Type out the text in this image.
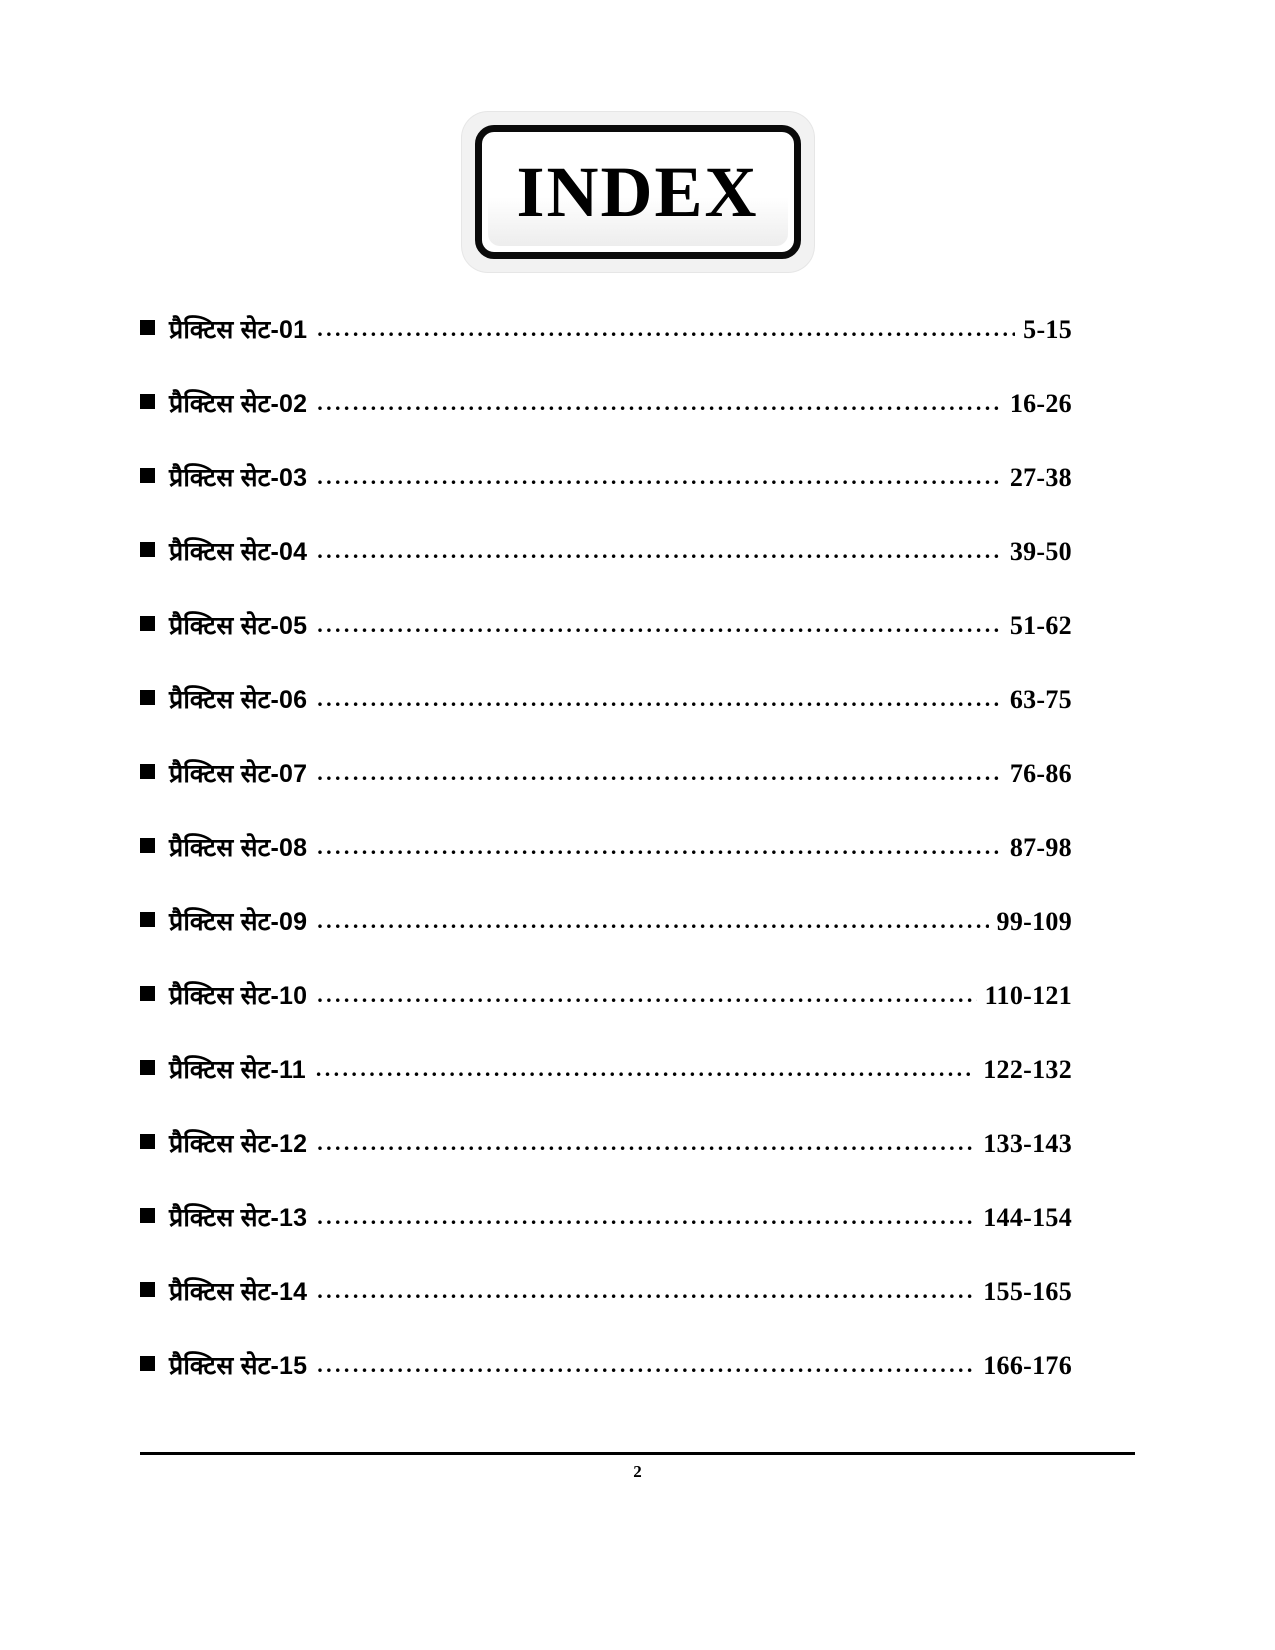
INDEX
प्रैक्टिस सेट-01 .....	5-15
प्रैक्टिस सेट-02 .....	16-26
प्रैक्टिस सेट-03 .....	27-38
प्रैक्टिस सेट-04 .....	39-50
प्रैक्टिस सेट-05 .....	51-62
प्रैक्टिस सेट-06 .....	63-75
प्रैक्टिस सेट-07 .....	76-86
प्रैक्टिस सेट-08 .....	87-98
प्रैक्टिस सेट-09 .....	99-109
प्रैक्टिस सेट-10 .....	110-121
प्रैक्टिस सेट-11 .....	122-132
प्रैक्टिस सेट-12 .....	133-143
प्रैक्टिस सेट-13 .....	144-154
प्रैक्टिस सेट-14 .....	155-165
प्रैक्टिस सेट-15 .....	166-176
2
